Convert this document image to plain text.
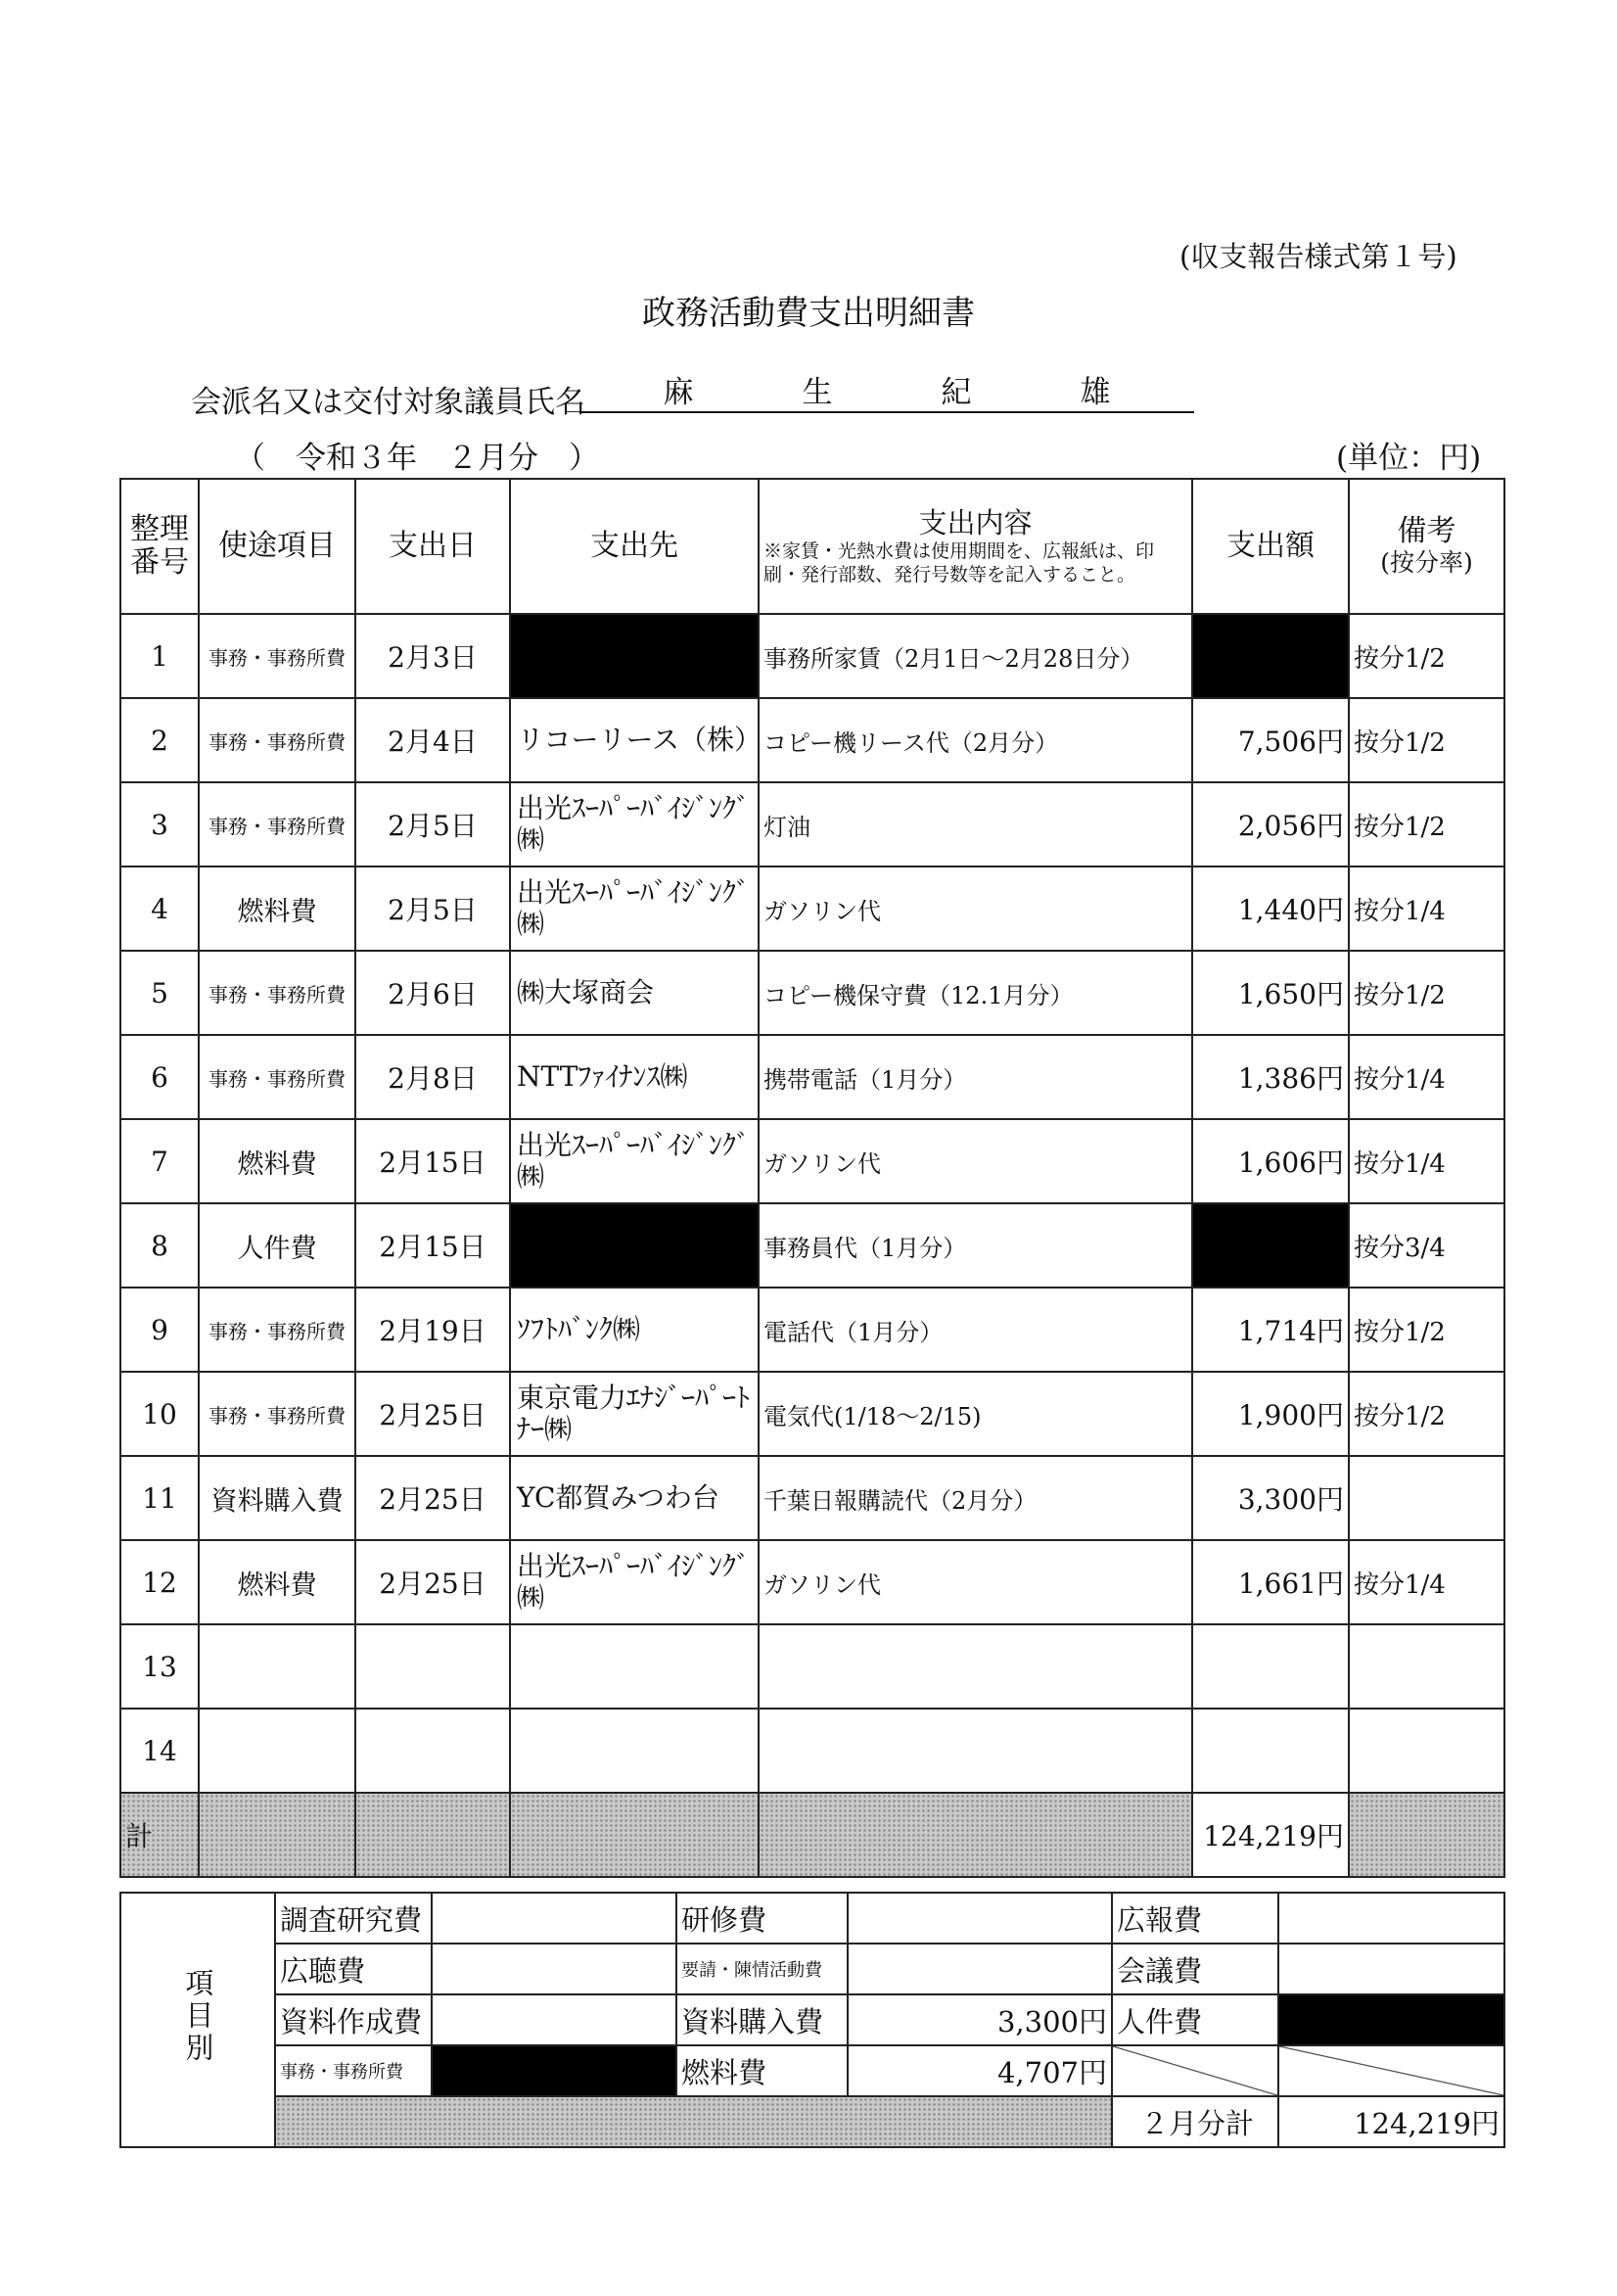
(収支報告様式第１号)
政務活動費支出明細書
会派名又は交付対象議員氏名	麻	生	紀	雄
（　令和３年　２月分　）	(単位：円)
整理番号	使途項目	支出日	支出先	支出内容
※家賃・光熱水費は使用期間を、広報紙は、印刷・発行部数、発行号数等を記入すること。	支出額	備考
(按分率)

1	事務・事務所費	2月3日		事務所家賃（2月1日～2月28日分）		按分1/2
2	事務・事務所費	2月4日	リコーリース（株）	コピー機リース代（2月分）	7,506円	按分1/2
3	事務・事務所費	2月5日	出光ｽｰﾊﾟｰﾊﾞｲｼﾞﾝｸﾞ㈱	灯油	2,056円	按分1/2
4	燃料費	2月5日	出光ｽｰﾊﾟｰﾊﾞｲｼﾞﾝｸﾞ㈱	ガソリン代	1,440円	按分1/4
5	事務・事務所費	2月6日	㈱大塚商会	コピー機保守費（12.1月分）	1,650円	按分1/2
6	事務・事務所費	2月8日	NTTﾌｧｲﾅﾝｽ㈱	携帯電話（1月分）	1,386円	按分1/4
7	燃料費	2月15日	出光ｽｰﾊﾟｰﾊﾞｲｼﾞﾝｸﾞ㈱	ガソリン代	1,606円	按分1/4
8	人件費	2月15日		事務員代（1月分）		按分3/4
9	事務・事務所費	2月19日	ｿﾌﾄﾊﾞﾝｸ㈱	電話代（1月分）	1,714円	按分1/2
10	事務・事務所費	2月25日	東京電力ｴﾅｼﾞｰﾊﾟｰﾄﾅｰ㈱	電気代(1/18～2/15)	1,900円	按分1/2
11	資料購入費	2月25日	YC都賀みつわ台	千葉日報購読代（2月分）	3,300円	
12	燃料費	2月25日	出光ｽｰﾊﾟｰﾊﾞｲｼﾞﾝｸﾞ㈱	ガソリン代	1,661円	按分1/4
13						
14						
計					124,219円	
項目別	調査研究費		研修費		広報費	
	広聴費		要請・陳情活動費		会議費	
	資料作成費		資料購入費	3,300円	人件費	
	事務・事務所費		燃料費	4,707円		
					２月分計	124,219円
